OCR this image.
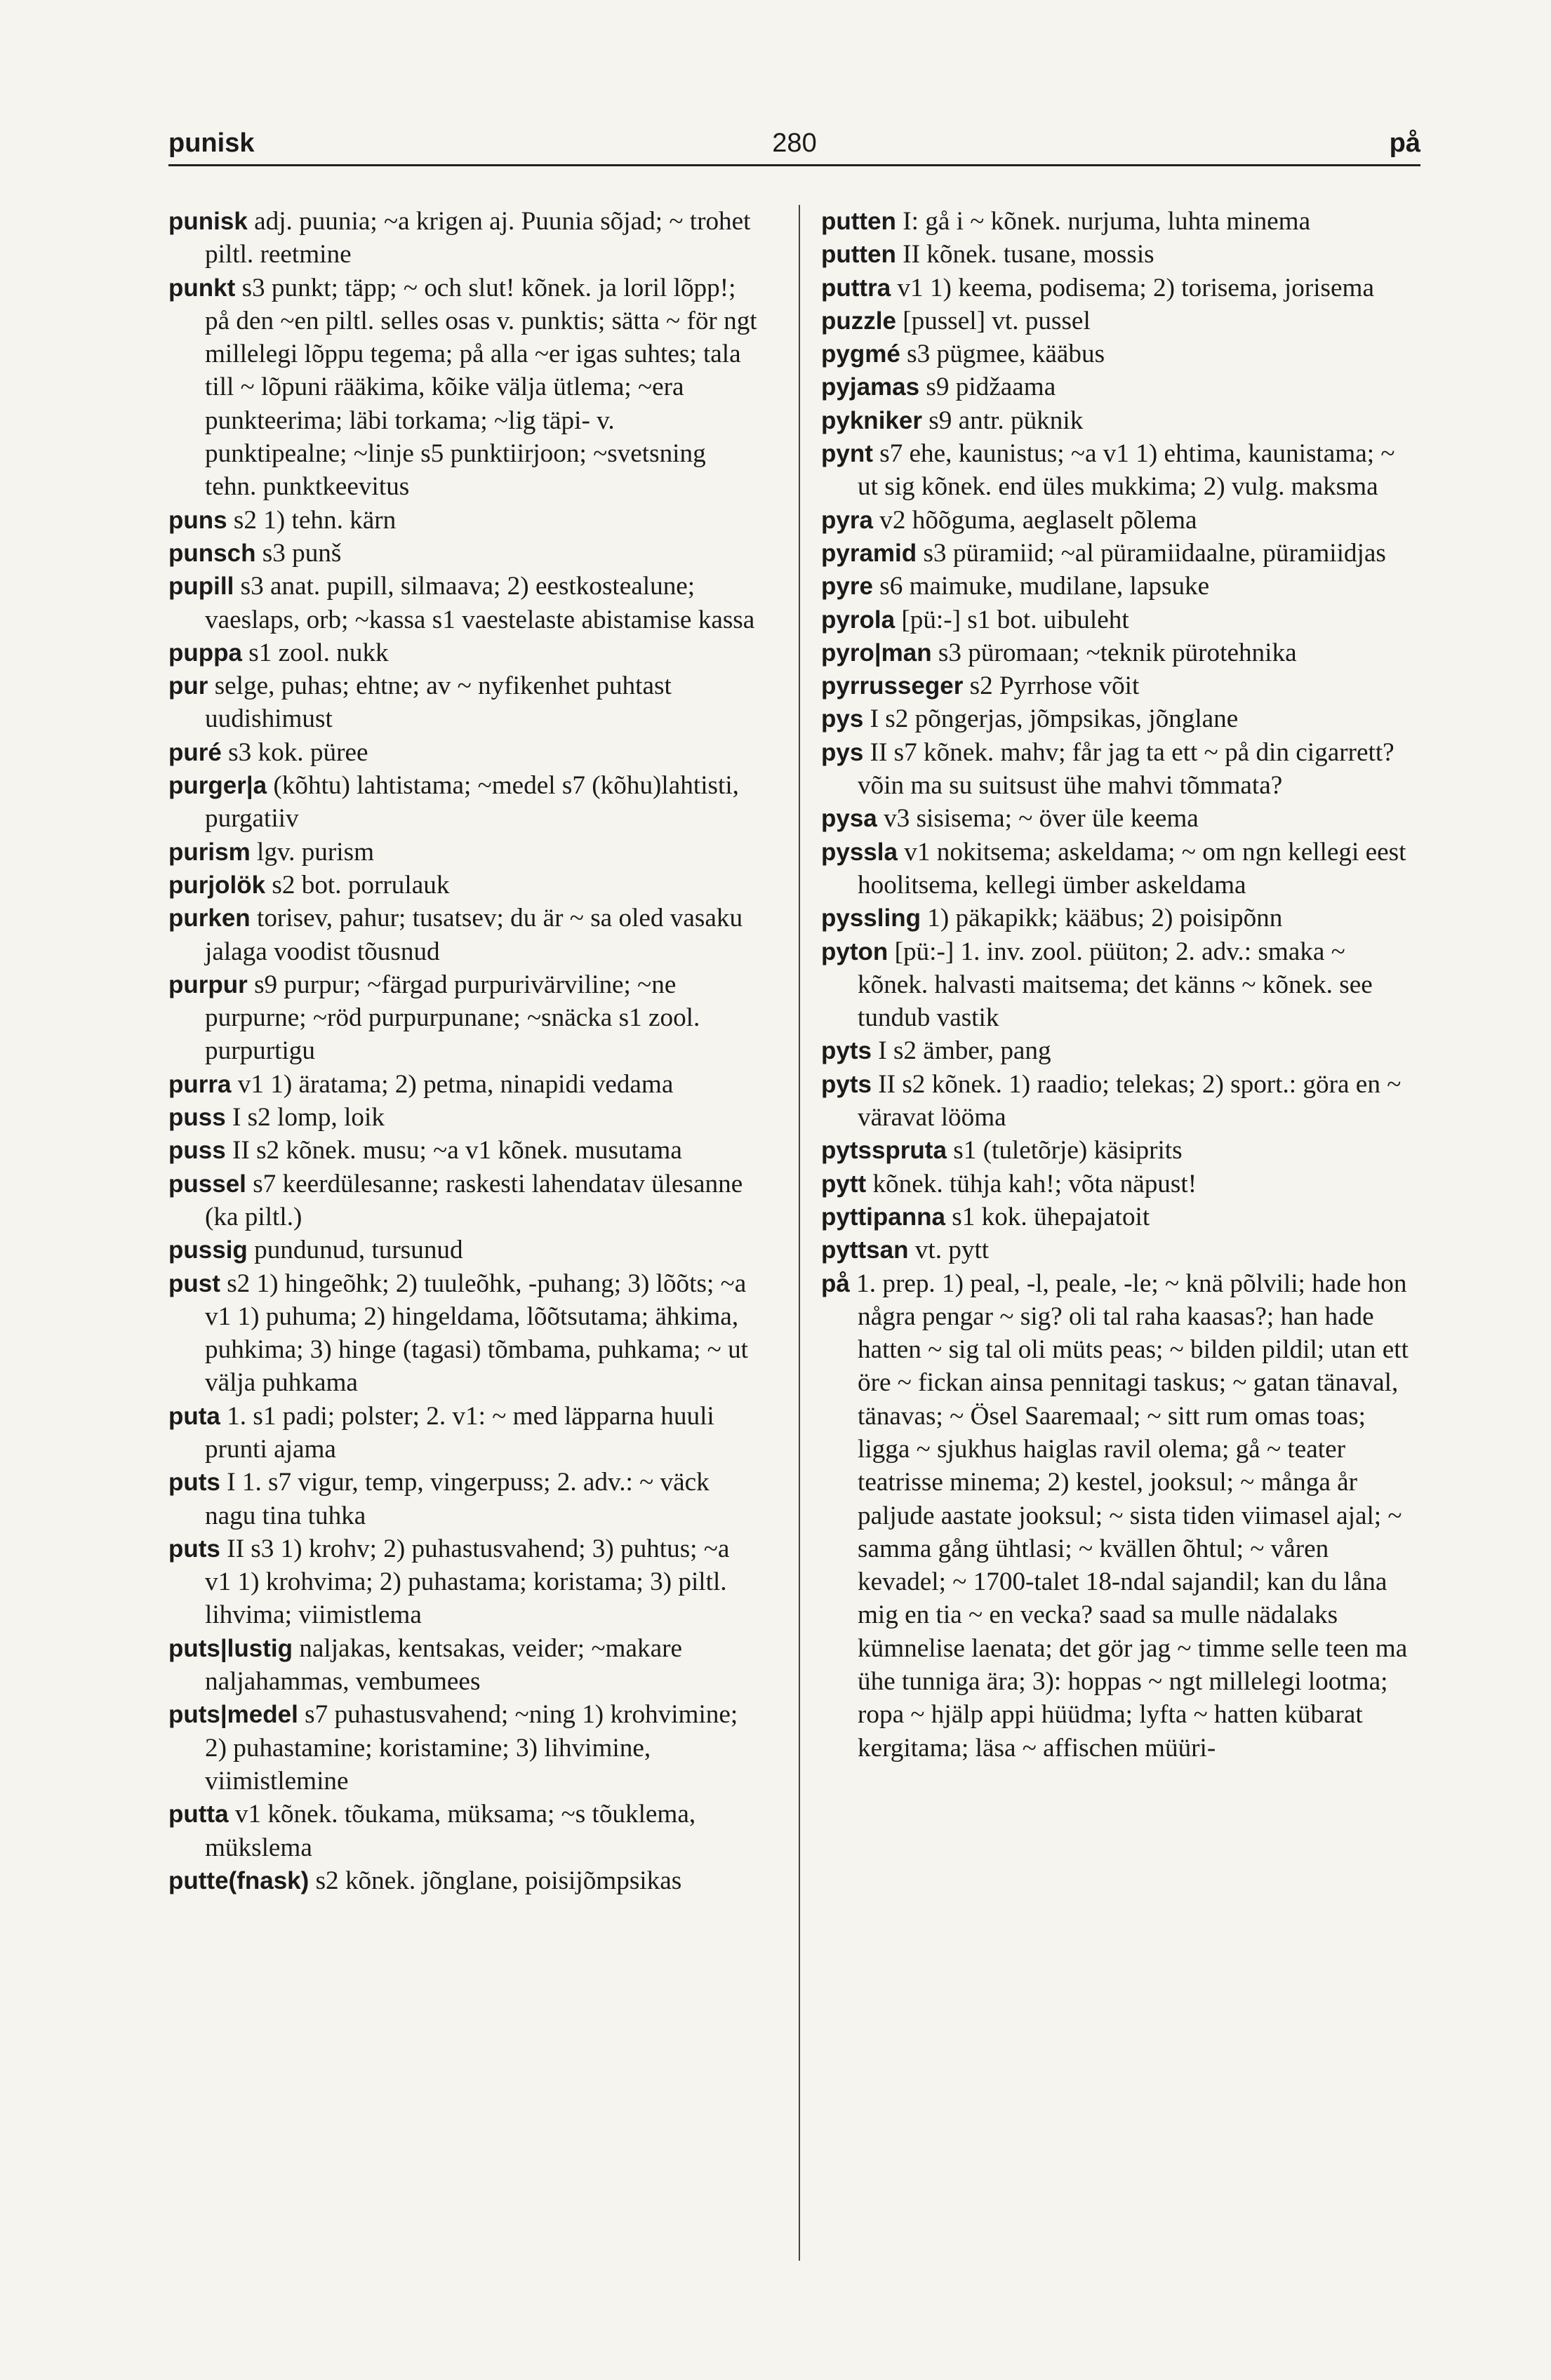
punisk	280	på

punisk adj. puunia; ~a krigen aj. Puunia sõjad; ~ trohet piltl. reetmine

punkt s3 punkt; täpp; ~ och slut! kõnek. ja loril lõpp!; på den ~en piltl. selles osas v. punktis; sätta ~ för ngt millelegi lõppu tegema; på alla ~er igas suhtes; tala till ~ lõpuni rääkima, kõike välja ütlema; ~era punkteerima; läbi torkama; ~lig täpi- v. punktipealne; ~linje s5 punktiirjoon; ~svetsning tehn. punktkeevitus

puns s2 1) tehn. kärn

punsch s3 punš

pupill s3 anat. pupill, silmaava; 2) eestkostealune; vaeslaps, orb; ~kassa s1 vaestelaste abistamise kassa

puppa s1 zool. nukk

pur selge, puhas; ehtne; av ~ nyfikenhet puhtast uudishimust

puré s3 kok. püree

purger|a (kõhtu) lahtistama; ~medel s7 (kõhu)lahtisti, purgatiiv

purism lgv. purism

purjolök s2 bot. porrulauk

purken torisev, pahur; tusatsev; du är ~ sa oled vasaku jalaga voodist tõusnud

purpur s9 purpur; ~färgad purpurivärviline; ~ne purpurne; ~röd purpurpunane; ~snäcka s1 zool. purpurtigu

purra v1 1) äratama; 2) petma, ninapidi vedama

puss I s2 lomp, loik

puss II s2 kõnek. musu; ~a v1 kõnek. musutama

pussel s7 keerdülesanne; raskesti lahendatav ülesanne (ka piltl.)

pussig pundunud, tursunud

pust s2 1) hingeõhk; 2) tuuleõhk, -puhang; 3) lõõts; ~a v1 1) puhuma; 2) hingeldama, lõõtsutama; ähkima, puhkima; 3) hinge (tagasi) tõmbama, puhkama; ~ ut välja puhkama

puta 1. s1 padi; polster; 2. v1: ~ med läpparna huuli prunti ajama

puts I 1. s7 vigur, temp, vingerpuss; 2. adv.: ~ väck nagu tina tuhka

puts II s3 1) krohv; 2) puhastusvahend; 3) puhtus; ~a v1 1) krohvima; 2) puhastama; koristama; 3) piltl. lihvima; viimistlema

puts|lustig naljakas, kentsakas, veider; ~makare naljahammas, vembumees

puts|medel s7 puhastusvahend; ~ning 1) krohvimine; 2) puhastamine; koristamine; 3) lihvimine, viimistlemine

putta v1 kõnek. tõukama, müksama; ~s tõuklema, mükslema

putte(fnask) s2 kõnek. jõnglane, poisijõmpsikas

putten I: gå i ~ kõnek. nurjuma, luhta minema

putten II kõnek. tusane, mossis

puttra v1 1) keema, podisema; 2) torisema, jorisema

puzzle [pussel] vt. pussel

pygmé s3 pügmee, kääbus

pyjamas s9 pidžaama

pykniker s9 antr. püknik

pynt s7 ehe, kaunistus; ~a v1 1) ehtima, kaunistama; ~ ut sig kõnek. end üles mukkima; 2) vulg. maksma

pyra v2 hõõguma, aeglaselt põlema

pyramid s3 püramiid; ~al püramiidaalne, püramiidjas

pyre s6 maimuke, mudilane, lapsuke

pyrola [pü:-] s1 bot. uibuleht

pyro|man s3 püromaan; ~teknik pürotehnika

pyrrusseger s2 Pyrrhose võit

pys I s2 põngerjas, jõmpsikas, jõnglane

pys II s7 kõnek. mahv; får jag ta ett ~ på din cigarrett? võin ma su suitsust ühe mahvi tõmmata?

pysa v3 sisisema; ~ över üle keema

pyssla v1 nokitsema; askeldama; ~ om ngn kellegi eest hoolitsema, kellegi ümber askeldama

pyssling 1) päkapikk; kääbus; 2) poisipõnn

pyton [pü:-] 1. inv. zool. püüton; 2. adv.: smaka ~ kõnek. halvasti maitsema; det känns ~ kõnek. see tundub vastik

pyts I s2 ämber, pang

pyts II s2 kõnek. 1) raadio; telekas; 2) sport.: göra en ~ väravat lööma

pytsspruta s1 (tuletõrje) käsiprits

pytt kõnek. tühja kah!; võta näpust!

pyttipanna s1 kok. ühepajatoit

pyttsan vt. pytt

på 1. prep. 1) peal, -l, peale, -le; ~ knä põlvili; hade hon några pengar ~ sig? oli tal raha kaasas?; han hade hatten ~ sig tal oli müts peas; ~ bilden pildil; utan ett öre ~ fickan ainsa pennitagi taskus; ~ gatan tänaval, tänavas; ~ Ösel Saaremaal; ~ sitt rum omas toas; ligga ~ sjukhus haiglas ravil olema; gå ~ teater teatrisse minema; 2) kestel, jooksul; ~ många år paljude aastate jooksul; ~ sista tiden viimasel ajal; ~ samma gång ühtlasi; ~ kvällen õhtul; ~ våren kevadel; ~ 1700-talet 18-ndal sajandil; kan du låna mig en tia ~ en vecka? saad sa mulle nädalaks kümnelise laenata; det gör jag ~ timme selle teen ma ühe tunniga ära; 3): hoppas ~ ngt millelegi lootma; ropa ~ hjälp appi hüüdma; lyfta ~ hatten kübarat kergitama; läsa ~ affischen müüri-
